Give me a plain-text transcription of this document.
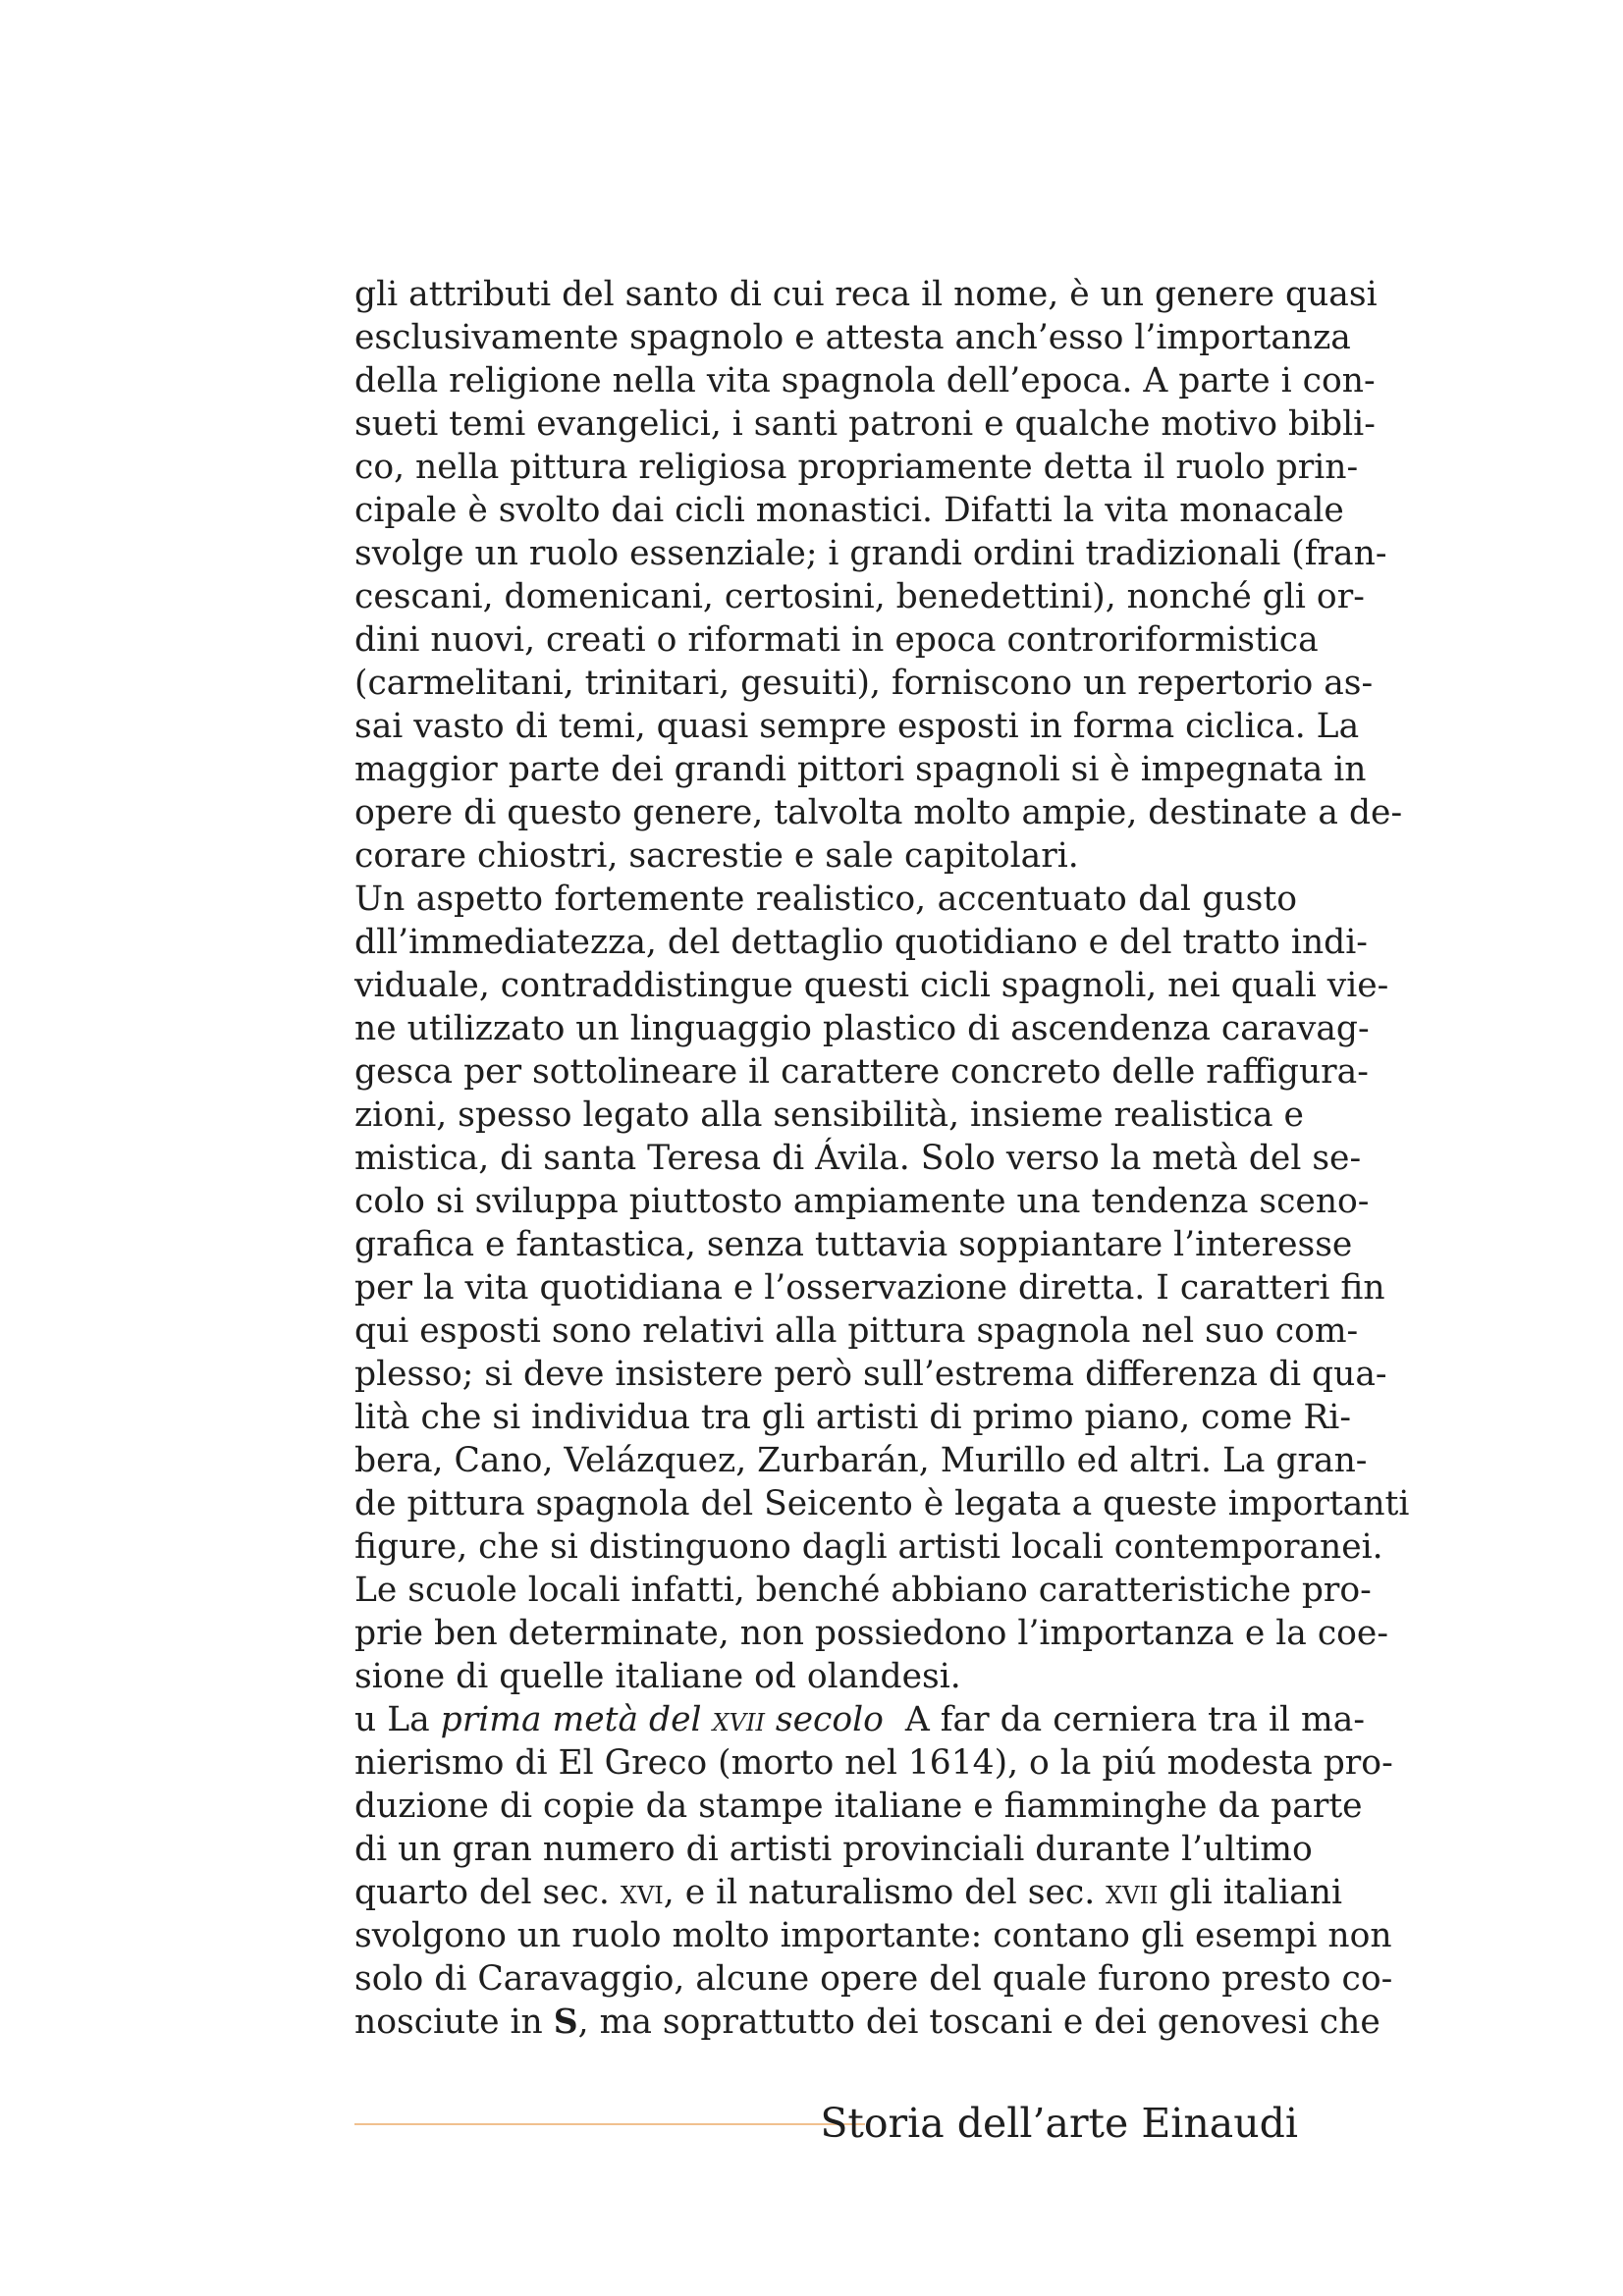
gli attributi del santo di cui reca il nome, è un genere quasi
esclusivamente spagnolo e attesta anch’esso l’importanza
della religione nella vita spagnola dell’epoca. A parte i con-
sueti temi evangelici, i santi patroni e qualche motivo bibli-
co, nella pittura religiosa propriamente detta il ruolo prin-
cipale è svolto dai cicli monastici. Difatti la vita monacale
svolge un ruolo essenziale; i grandi ordini tradizionali (fran-
cescani, domenicani, certosini, benedettini), nonché gli or-
dini nuovi, creati o riformati in epoca controriformistica
(carmelitani, trinitari, gesuiti), forniscono un repertorio as-
sai vasto di temi, quasi sempre esposti in forma ciclica. La
maggior parte dei grandi pittori spagnoli si è impegnata in
opere di questo genere, talvolta molto ampie, destinate a de-
corare chiostri, sacrestie e sale capitolari.
Un aspetto fortemente realistico, accentuato dal gusto
dll’immediatezza, del dettaglio quotidiano e del tratto indi-
viduale, contraddistingue questi cicli spagnoli, nei quali vie-
ne utilizzato un linguaggio plastico di ascendenza caravag-
gesca per sottolineare il carattere concreto delle raffigura-
zioni, spesso legato alla sensibilità, insieme realistica e
mistica, di santa Teresa di Ávila. Solo verso la metà del se-
colo si sviluppa piuttosto ampiamente una tendenza sceno-
grafica e fantastica, senza tuttavia soppiantare l’interesse
per la vita quotidiana e l’osservazione diretta. I caratteri fin
qui esposti sono relativi alla pittura spagnola nel suo com-
plesso; si deve insistere però sull’estrema differenza di qua-
lità che si individua tra gli artisti di primo piano, come Ri-
bera, Cano, Velázquez, Zurbarán, Murillo ed altri. La gran-
de pittura spagnola del Seicento è legata a queste importanti
figure, che si distinguono dagli artisti locali contemporanei.
Le scuole locali infatti, benché abbiano caratteristiche pro-
prie ben determinate, non possiedono l’importanza e la coe-
sione di quelle italiane od olandesi.
u La prima metà del xvii secolo A far da cerniera tra il ma-
nierismo di El Greco (morto nel 1614), o la piú modesta pro-
duzione di copie da stampe italiane e fiamminghe da parte
di un gran numero di artisti provinciali durante l’ultimo
quarto del sec. xvi, e il naturalismo del sec. xvii gli italiani
svolgono un ruolo molto importante: contano gli esempi non
solo di Caravaggio, alcune opere del quale furono presto co-
nosciute in S, ma soprattutto dei toscani e dei genovesi che
Storia dell’arte Einaudi
